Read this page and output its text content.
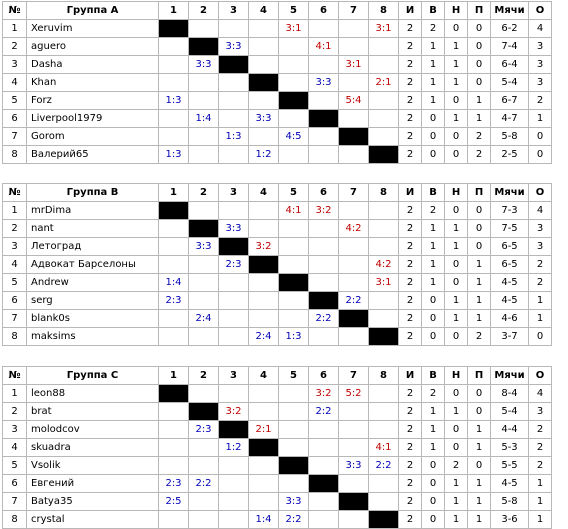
№	Группа A	1	2	3	4	5	6	7	8	И	В	Н	П	Мячи	О
1	Xeruvim					3:1			3:1	2	2	0	0	6-2	4
2	aguero			3:3			4:1			2	1	1	0	7-4	3
3	Dasha		3:3					3:1		2	1	1	0	6-4	3
4	Khan						3:3		2:1	2	1	1	0	5-4	3
5	Forz	1:3						5:4		2	1	0	1	6-7	2
6	Liverpool1979		1:4		3:3					2	0	1	1	4-7	1
7	Gorom			1:3		4:5				2	0	0	2	5-8	0
8	Валерий65	1:3			1:2					2	0	0	2	2-5	0
№	Группа B	1	2	3	4	5	6	7	8	И	В	Н	П	Мячи	О
1	mrDima					4:1	3:2			2	2	0	0	7-3	4
2	nant			3:3				4:2		2	1	1	0	7-5	3
3	Летоград		3:3		3:2					2	1	1	0	6-5	3
4	Адвокат Барселоны			2:3					4:2	2	1	0	1	6-5	2
5	Andrew	1:4							3:1	2	1	0	1	4-5	2
6	serg	2:3						2:2		2	0	1	1	4-5	1
7	blank0s		2:4				2:2			2	0	1	1	4-6	1
8	maksims				2:4	1:3				2	0	0	2	3-7	0
№	Группа C	1	2	3	4	5	6	7	8	И	В	Н	П	Мячи	О
1	leon88						3:2	5:2		2	2	0	0	8-4	4
2	brat			3:2			2:2			2	1	1	0	5-4	3
3	molodcov		2:3		2:1					2	1	0	1	4-4	2
4	skuadra			1:2					4:1	2	1	0	1	5-3	2
5	Vsolik							3:3	2:2	2	0	2	0	5-5	2
6	Евгений	2:3	2:2							2	0	1	1	4-5	1
7	Batya35	2:5				3:3				2	0	1	1	5-8	1
8	crystal				1:4	2:2				2	0	1	1	3-6	1
